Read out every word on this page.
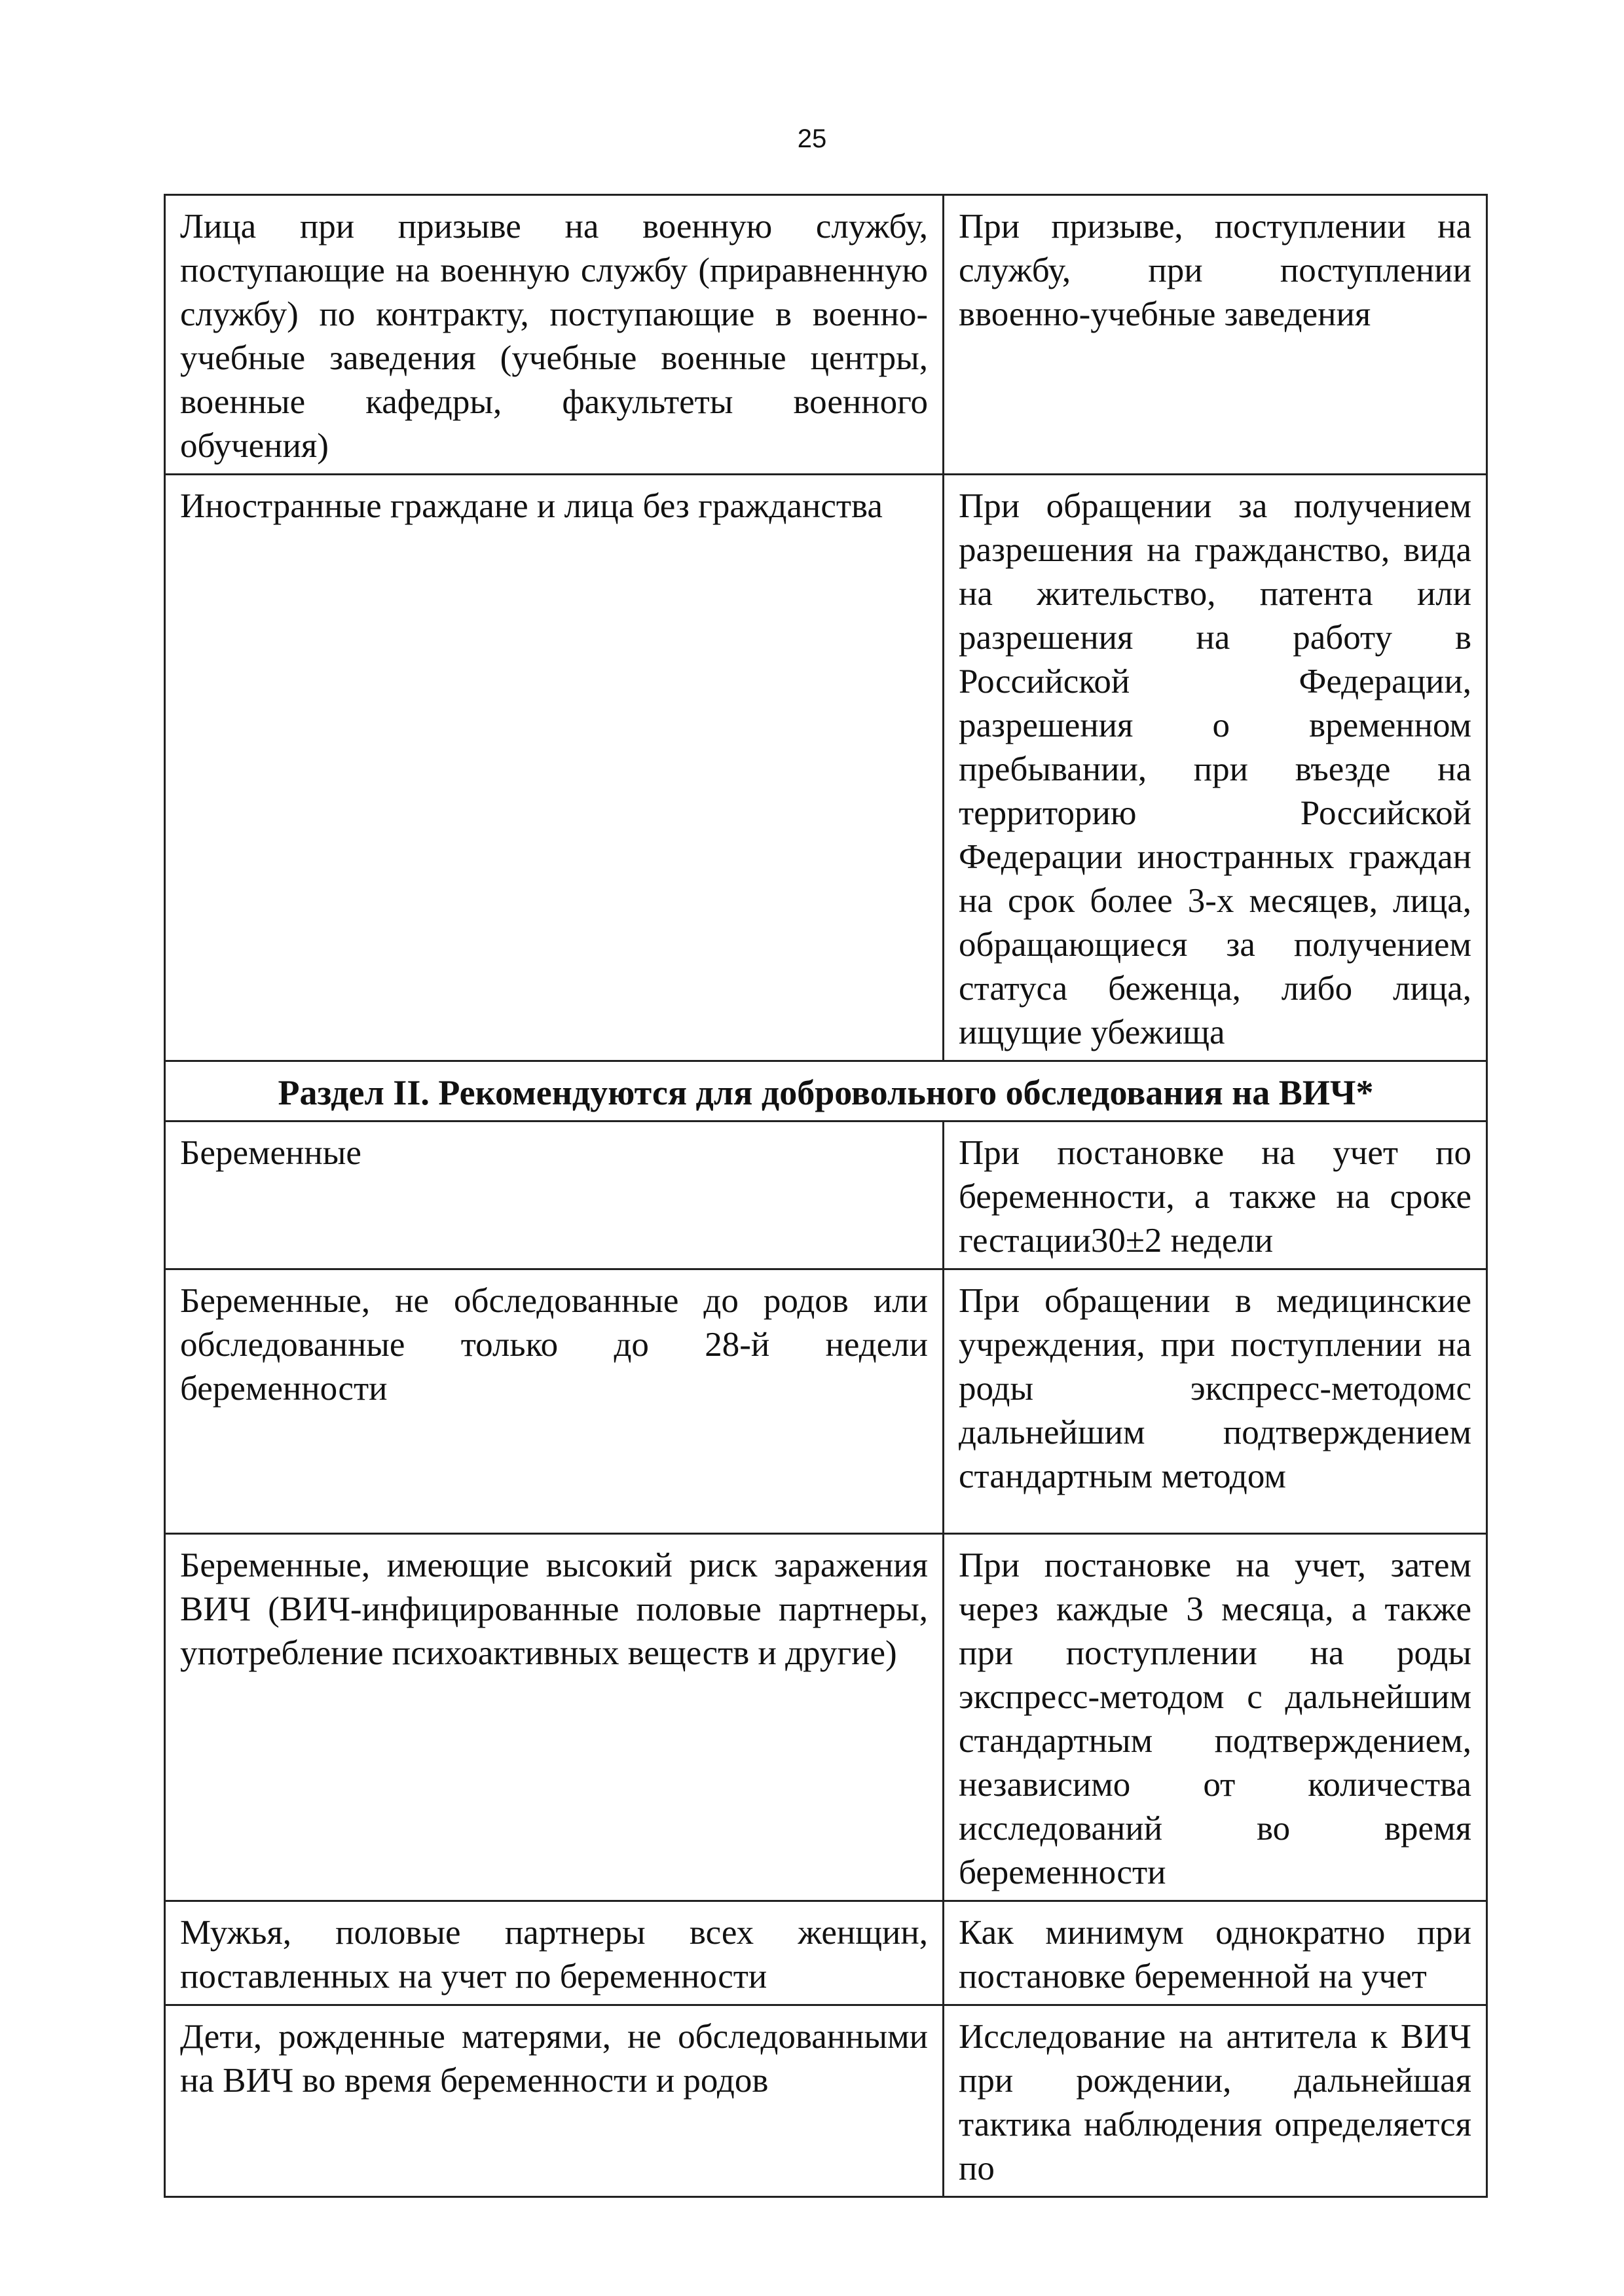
25
Лица при призыве на военную службу, поступающие на военную службу (приравненную службу) по контракту, поступающие в военно-учебные заведения (учебные военные центры, военные кафедры, факультеты военного обучения)	При призыве, поступлении на службу, при поступлении ввоенно-учебные заведения
Иностранные граждане и лица без гражданства	При обращении за получением разрешения на гражданство, вида на жительство, патента или разрешения на работу в Российской Федерации, разрешения о временном пребывании, при въезде на территорию Российской Федерации иностранных граждан на срок более 3-х месяцев, лица, обращающиеся за получением статуса беженца, либо лица, ищущие убежища
Раздел II. Рекомендуются для добровольного обследования на ВИЧ*	
Беременные	При постановке на учет по беременности, а также на сроке гестации30±2 недели
Беременные, не обследованные до родов или обследованные только до 28-й недели беременности	При обращении в медицинские учреждения, при поступлении на роды экспресс-методомс дальнейшим подтверждением стандартным методом
Беременные, имеющие высокий риск заражения ВИЧ (ВИЧ-инфицированные половые партнеры, употребление психоактивных веществ и другие)	При постановке на учет, затем через каждые 3 месяца, а также при поступлении на роды экспресс-методом с дальнейшим стандартным подтверждением, независимо от количества исследований во время беременности
Мужья, половые партнеры всех женщин, поставленных на учет по беременности	Как минимум однократно при постановке беременной на учет
Дети, рожденные матерями, не обследованными на ВИЧ во время беременности и родов	Исследование на антитела к ВИЧ при рождении, дальнейшая тактика наблюдения определяется по
